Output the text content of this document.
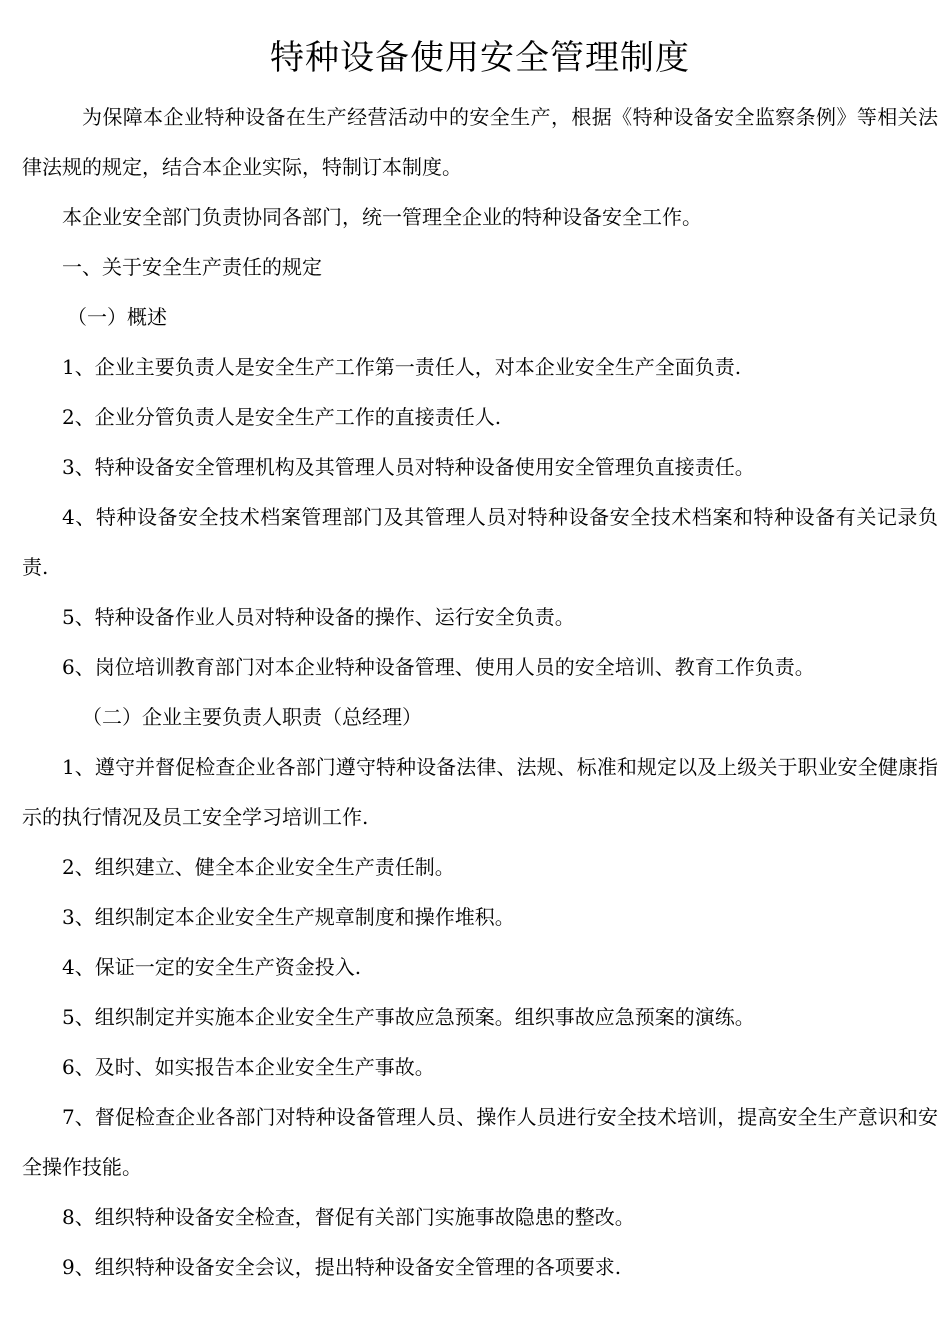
特种设备使用安全管理制度

为保障本企业特种设备在生产经营活动中的安全生产，根据《特种设备安全监察条例》等相关法律法规的规定，结合本企业实际，特制订本制度。

本企业安全部门负责协同各部门，统一管理全企业的特种设备安全工作。

一、关于安全生产责任的规定

（一）概述

1、企业主要负责人是安全生产工作第一责任人，对本企业安全生产全面负责.

2、企业分管负责人是安全生产工作的直接责任人.

3、特种设备安全管理机构及其管理人员对特种设备使用安全管理负直接责任。

4、特种设备安全技术档案管理部门及其管理人员对特种设备安全技术档案和特种设备有关记录负责.

5、特种设备作业人员对特种设备的操作、运行安全负责。

6、岗位培训教育部门对本企业特种设备管理、使用人员的安全培训、教育工作负责。

（二）企业主要负责人职责（总经理）

1、遵守并督促检查企业各部门遵守特种设备法律、法规、标准和规定以及上级关于职业安全健康指示的执行情况及员工安全学习培训工作.

2、组织建立、健全本企业安全生产责任制。

3、组织制定本企业安全生产规章制度和操作堆积。

4、保证一定的安全生产资金投入.

5、组织制定并实施本企业安全生产事故应急预案。组织事故应急预案的演练。

6、及时、如实报告本企业安全生产事故。

7、督促检查企业各部门对特种设备管理人员、操作人员进行安全技术培训，提高安全生产意识和安全操作技能。

8、组织特种设备安全检查，督促有关部门实施事故隐患的整改。

9、组织特种设备安全会议，提出特种设备安全管理的各项要求.
